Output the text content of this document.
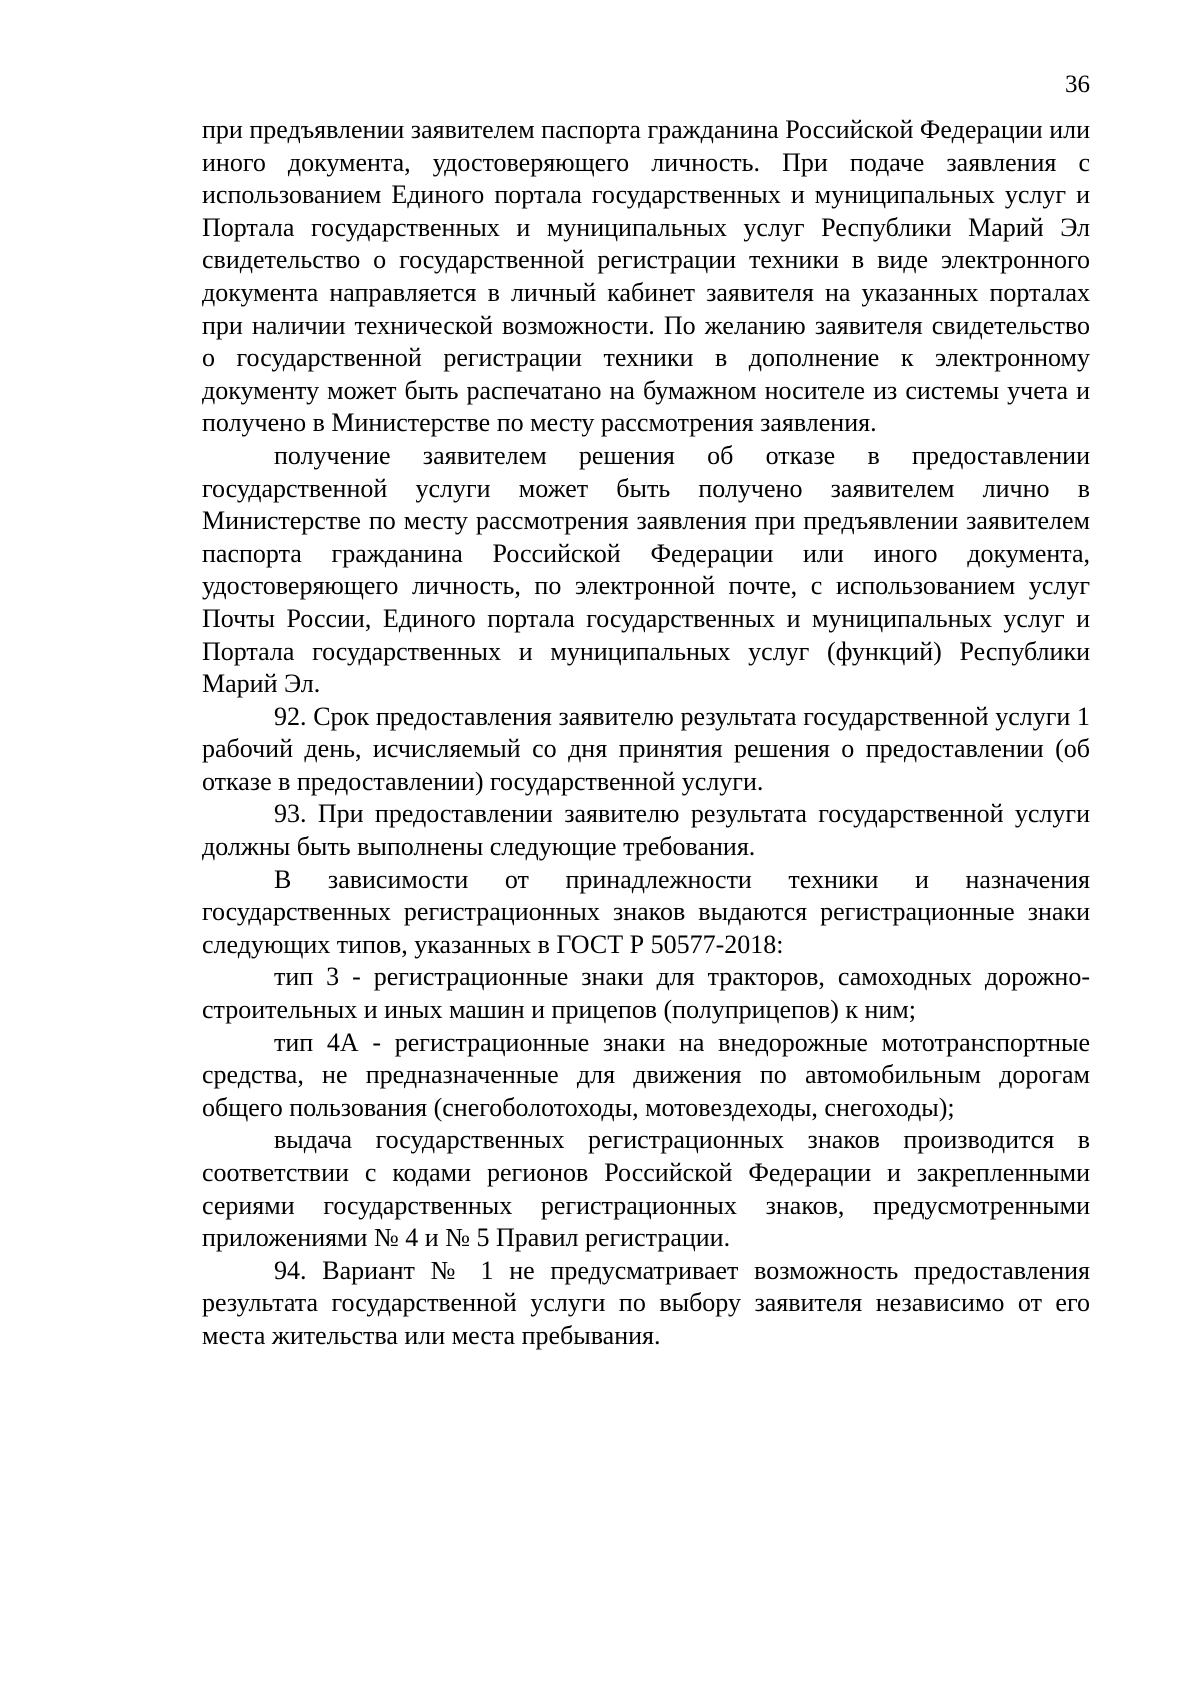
36

при предъявлении заявителем паспорта гражданина Российской Федерации или иного документа, удостоверяющего личность. При подаче заявления с использованием Единого портала государственных и муниципальных услуг и Портала государственных и муниципальных услуг Республики Марий Эл свидетельство о государственной регистрации техники в виде электронного документа направляется в личный кабинет заявителя на указанных порталах при наличии технической возможности. По желанию заявителя свидетельство о государственной регистрации техники в дополнение к электронному документу может быть распечатано на бумажном носителе из системы учета и получено в Министерстве по месту рассмотрения заявления.

получение заявителем решения об отказе в предоставлении государственной услуги может быть получено заявителем лично в Министерстве по месту рассмотрения заявления при предъявлении заявителем паспорта гражданина Российской Федерации или иного документа, удостоверяющего личность, по электронной почте, с использованием услуг Почты России, Единого портала государственных и муниципальных услуг и Портала государственных и муниципальных услуг (функций) Республики Марий Эл.

92. Срок предоставления заявителю результата государственной услуги 1 рабочий день, исчисляемый со дня принятия решения о предоставлении (об отказе в предоставлении) государственной услуги.

93. При предоставлении заявителю результата государственной услуги должны быть выполнены следующие требования.

В зависимости от принадлежности техники и назначения государственных регистрационных знаков выдаются регистрационные знаки следующих типов, указанных в ГОСТ Р 50577-2018:

тип 3 - регистрационные знаки для тракторов, самоходных дорожно-строительных и иных машин и прицепов (полуприцепов) к ним;

тип 4А - регистрационные знаки на внедорожные мототранспортные средства, не предназначенные для движения по автомобильным дорогам общего пользования (снегоболотоходы, мотовездеходы, снегоходы);

выдача государственных регистрационных знаков производится в соответствии с кодами регионов Российской Федерации и закрепленными сериями государственных регистрационных знаков, предусмотренными приложениями № 4 и № 5 Правил регистрации.

94. Вариант № 1 не предусматривает возможность предоставления результата государственной услуги по выбору заявителя независимо от его места жительства или места пребывания.
